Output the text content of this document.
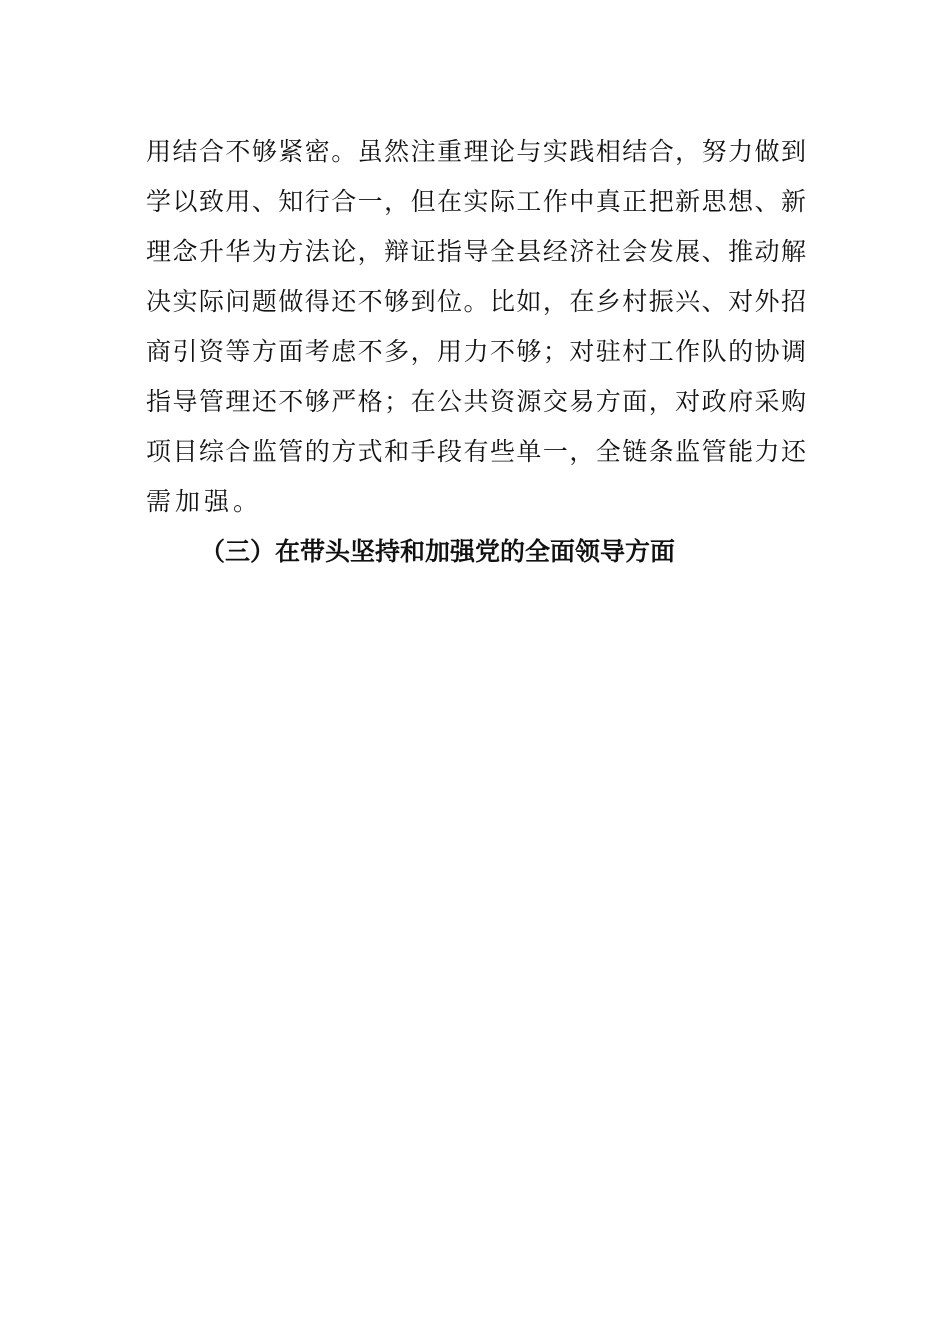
用结合不够紧密。虽然注重理论与实践相结合，努力做到
学以致用、知行合一，但在实际工作中真正把新思想、新
理念升华为方法论，辩证指导全县经济社会发展、推动解
决实际问题做得还不够到位。比如，在乡村振兴、对外招
商引资等方面考虑不多，用力不够；对驻村工作队的协调
指导管理还不够严格；在公共资源交易方面，对政府采购
项目综合监管的方式和手段有些单一，全链条监管能力还
需加强。
（三）在带头坚持和加强党的全面领导方面
